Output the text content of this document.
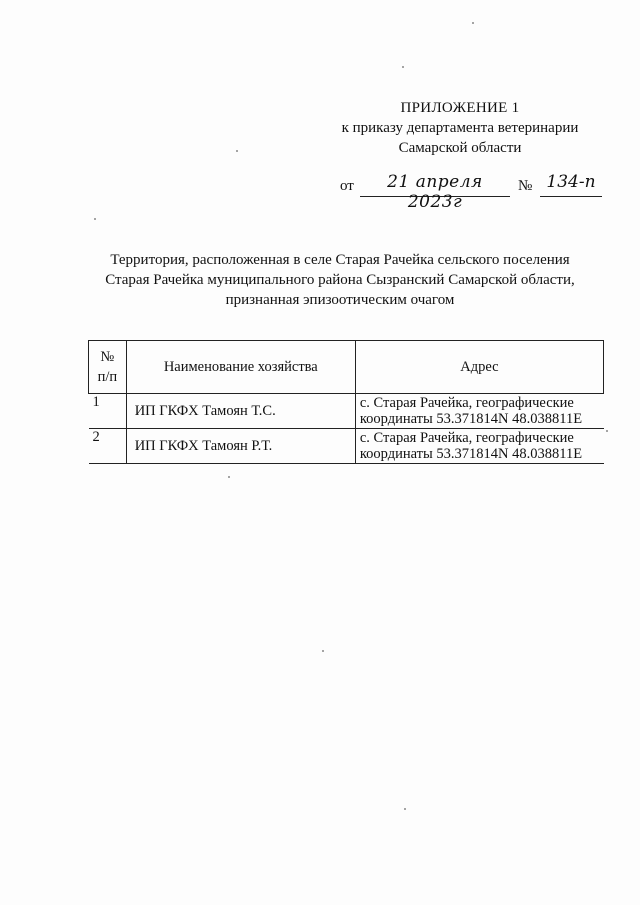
ПРИЛОЖЕНИЕ 1
к приказу департамента ветеринарии
Самарской области
от	21 апреля 2023г
№ 134-п
Территория, расположенная в селе Старая Рачейка сельского поселения
Старая Рачейка муниципального района Сызранский Самарской области,
признанная эпизоотическим очагом
№
п/п	Наименование хозяйства	Адрес
1	ИП ГКФХ Тамоян Т.С.	с. Старая Рачейка, географические
координаты 53.371814N 48.038811E

2	ИП ГКФХ Тамоян Р.Т.	с. Старая Рачейка, географические
координаты 53.371814N 48.038811E
